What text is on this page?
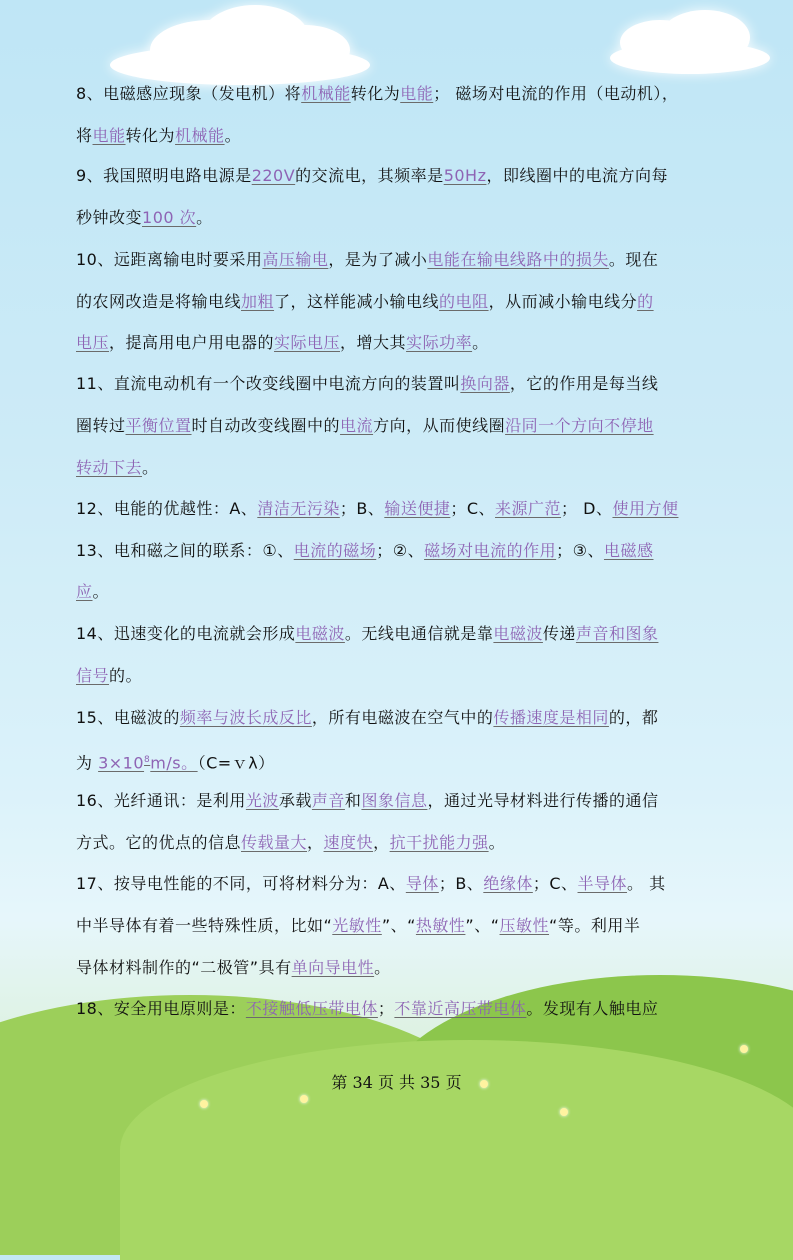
8、电磁感应现象（发电机）将机械能转化为电能； 磁场对电流的作用（电动机），
将电能转化为机械能。
9、我国照明电路电源是220V的交流电，其频率是50Hz，即线圈中的电流方向每
秒钟改变100 次。
10、远距离输电时要采用高压输电，是为了减小电能在输电线路中的损失。现在
的农网改造是将输电线加粗了，这样能减小输电线的电阻，从而减小输电线分的
电压，提高用电户用电器的实际电压，增大其实际功率。
11、直流电动机有一个改变线圈中电流方向的装置叫换向器，它的作用是每当线
圈转过平衡位置时自动改变线圈中的电流方向，从而使线圈沿同一个方向不停地
转动下去。
12、电能的优越性：A、清洁无污染；B、输送便捷；C、来源广范； D、使用方便
13、电和磁之间的联系：①、电流的磁场；②、磁场对电流的作用；③、电磁感
应。
14、迅速变化的电流就会形成电磁波。无线电通信就是靠电磁波传递声音和图象
信号的。
15、电磁波的频率与波长成反比，所有电磁波在空气中的传播速度是相同的，都
为 $3\times 10^8m/s$。（C=ｖλ）
16、光纤通讯：是利用光波承载声音和图象信息，通过光导材料进行传播的通信
方式。它的优点的信息传载量大，速度快，抗干扰能力强。
17、按导电性能的不同，可将材料分为：A、导体；B、绝缘体；C、半导体。 其
中半导体有着一些特殊性质，比如“光敏性”、“热敏性”、“压敏性“等。利用半
导体材料制作的“二极管”具有单向导电性。
18、安全用电原则是：不接触低压带电体；不靠近高压带电体。发现有人触电应
第 34 页 共 35 页
